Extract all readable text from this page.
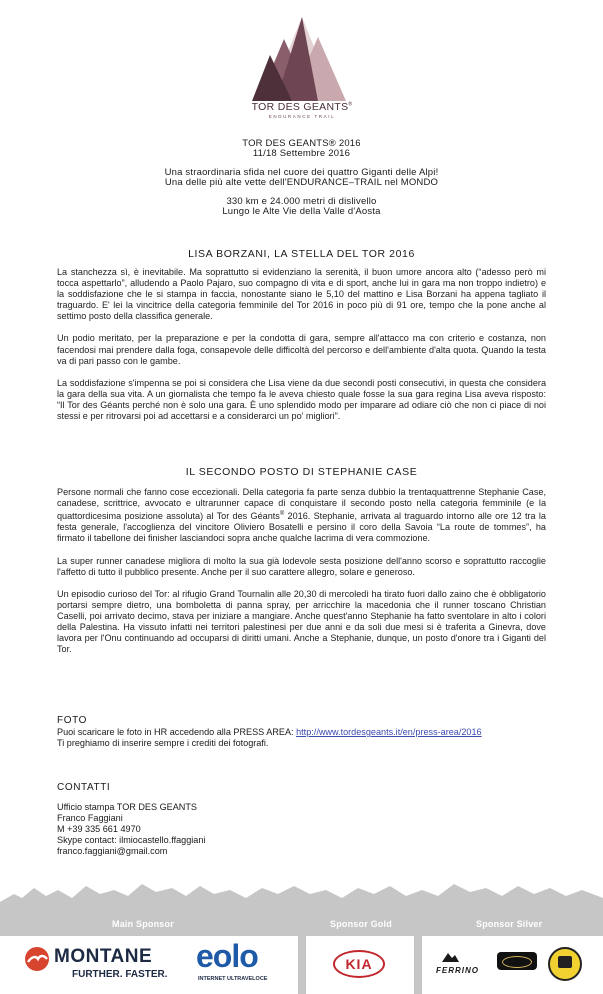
TOR DES GEANTS®
ENDURANCE TRAIL
TOR DES GEANTS® 2016
11/18 Settembre 2016
Una straordinaria sfida nel cuore dei quattro Giganti delle Alpi!
Una delle più alte vette dell'ENDURANCE–TRAIL nel MONDO
330 km e 24.000 metri di dislivello
Lungo le Alte Vie della Valle d'Aosta
LISA BORZANI, LA STELLA DEL TOR 2016

La stanchezza sì, è inevitabile. Ma soprattutto si evidenziano la serenità, il buon umore ancora alto (“adesso però mi tocca aspettarlo”, alludendo a Paolo Pajaro, suo compagno di vita e di sport, anche lui in gara ma non troppo indietro) e la soddisfazione che le si stampa in faccia, nonostante siano le 5,10 del mattino e Lisa Borzani ha appena tagliato il traguardo. E' lei la vincitrice della categoria femminile del Tor 2016 in poco più di 91 ore, tempo che la pone anche al settimo posto della classifica generale.

Un podio meritato, per la preparazione e per la condotta di gara, sempre all'attacco ma con criterio e costanza, non facendosi mai prendere dalla foga, consapevole delle difficoltà del percorso e dell'ambiente d'alta quota. Quando la testa va di pari passo con le gambe.

La soddisfazione s'impenna se poi si considera che Lisa viene da due secondi posti consecutivi, in questa che considera la gara della sua vita. A un giornalista che tempo fa le aveva chiesto quale fosse la sua gara regina Lisa aveva risposto: “Il Tor des Géants perché non è solo una gara. È uno splendido modo per imparare ad odiare ciò che non ci piace di noi stessi e per ritrovarsi poi ad accettarsi e a considerarci un po' migliori”.

IL SECONDO POSTO DI STEPHANIE CASE

Persone normali che fanno cose eccezionali. Della categoria fa parte senza dubbio la trentaquattrenne Stephanie Case, canadese, scrittrice, avvocato e ultrarunner capace di conquistare il secondo posto nella categoria femminile (e la quattordicesima posizione assoluta) al Tor des Géants® 2016. Stephanie, arrivata al traguardo intorno alle ore 12 tra la festa generale, l'accoglienza del vincitore Oliviero Bosatelli e persino il coro della Savoia “La route de tommes”, ha firmato il tabellone dei finisher lasciandoci sopra anche qualche lacrima di vera commozione.

La super runner canadese migliora di molto la sua già lodevole sesta posizione dell'anno scorso e soprattutto raccoglie l'affetto di tutto il pubblico presente. Anche per il suo carattere allegro, solare e generoso.

Un episodio curioso del Tor: al rifugio Grand Tournalin alle 20,30 di mercoledì ha tirato fuori dallo zaino che è obbligatorio portarsi sempre dietro, una bomboletta di panna spray, per arricchire la macedonia che il runner toscano Christian Caselli, poi arrivato decimo, stava per iniziare a mangiare. Anche quest'anno Stephanie ha fatto sventolare in alto i colori della Palestina. Ha vissuto infatti nei territori palestinesi per due anni e da soli due mesi si è traferita a Ginevra, dove lavora per l'Onu continuando ad occuparsi di diritti umani. Anche a Stephanie, dunque, un posto d'onore tra i Giganti del Tor.

FOTO
Puoi scaricare le foto in HR accedendo alla PRESS AREA: http://www.tordesgeants.it/en/press-area/2016
Ti preghiamo di inserire sempre i crediti dei fotografi.
CONTATTI
Ufficio stampa TOR DES GEANTS
Franco Faggiani
M +39 335 661 4970
Skype contact: ilmiocastello.ffaggiani
franco.faggiani@gmail.com
Main Sponsor	Sponsor Gold	Sponsor Silver
MONTANE
FURTHER. FASTER.
eolo
INTERNET ULTRAVELOCE
KIA	FERRINO
